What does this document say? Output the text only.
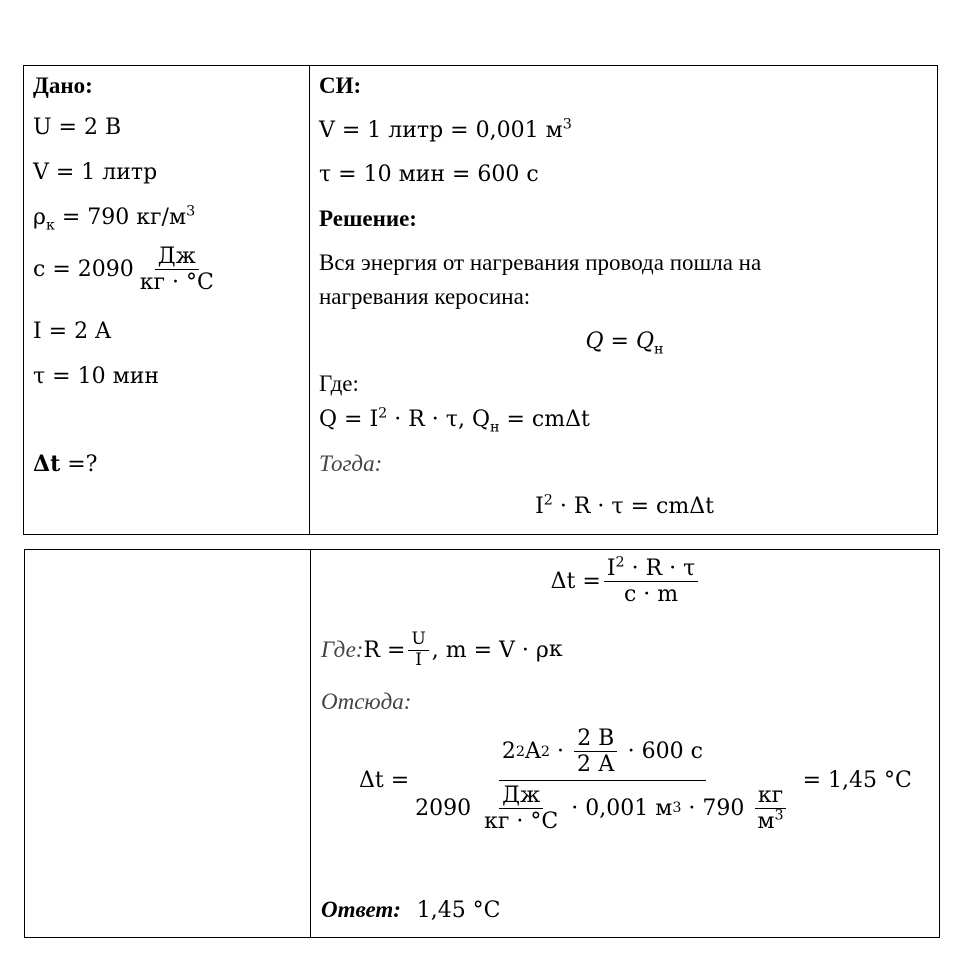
Дано:
U = 2 В
V = 1 литр
$\rho_к = 790$ $кг/м^3$
$c = 2090 \frac{Дж}{кг \cdot ^\circ C}$
I = 2 A
τ = 10 мин
Δt =?
СИ:
V = 1 литр = 0,001 $м^3$
τ = 10 мин = 600 с
Решение:
Вся энергия от нагревания провода пошла на
нагревания керосина:
$Q = Q_н$
Где:
$Q = I^2 \cdot R \cdot \tau$, $Q_н = cm\Delta t$
Тогда:
$I^2 \cdot R \cdot \tau = cm\Delta t$
$\Delta t = \frac{I^2 \cdot R \cdot \tau}{c \cdot m}$
Где: $R = \frac{U}{I}$ , m = V · ρ к
Отсюда:
Δt =
2 2 A $2 \cdot \frac{2 В}{2 А} \cdot 600$ с
$2090 \frac{Дж}{кг \cdot ^\circ C} \cdot 0,001$ м $3 \cdot 790 \frac{кг}{м^3}$
= 1,45 °C
Ответ: 1,45 °C
